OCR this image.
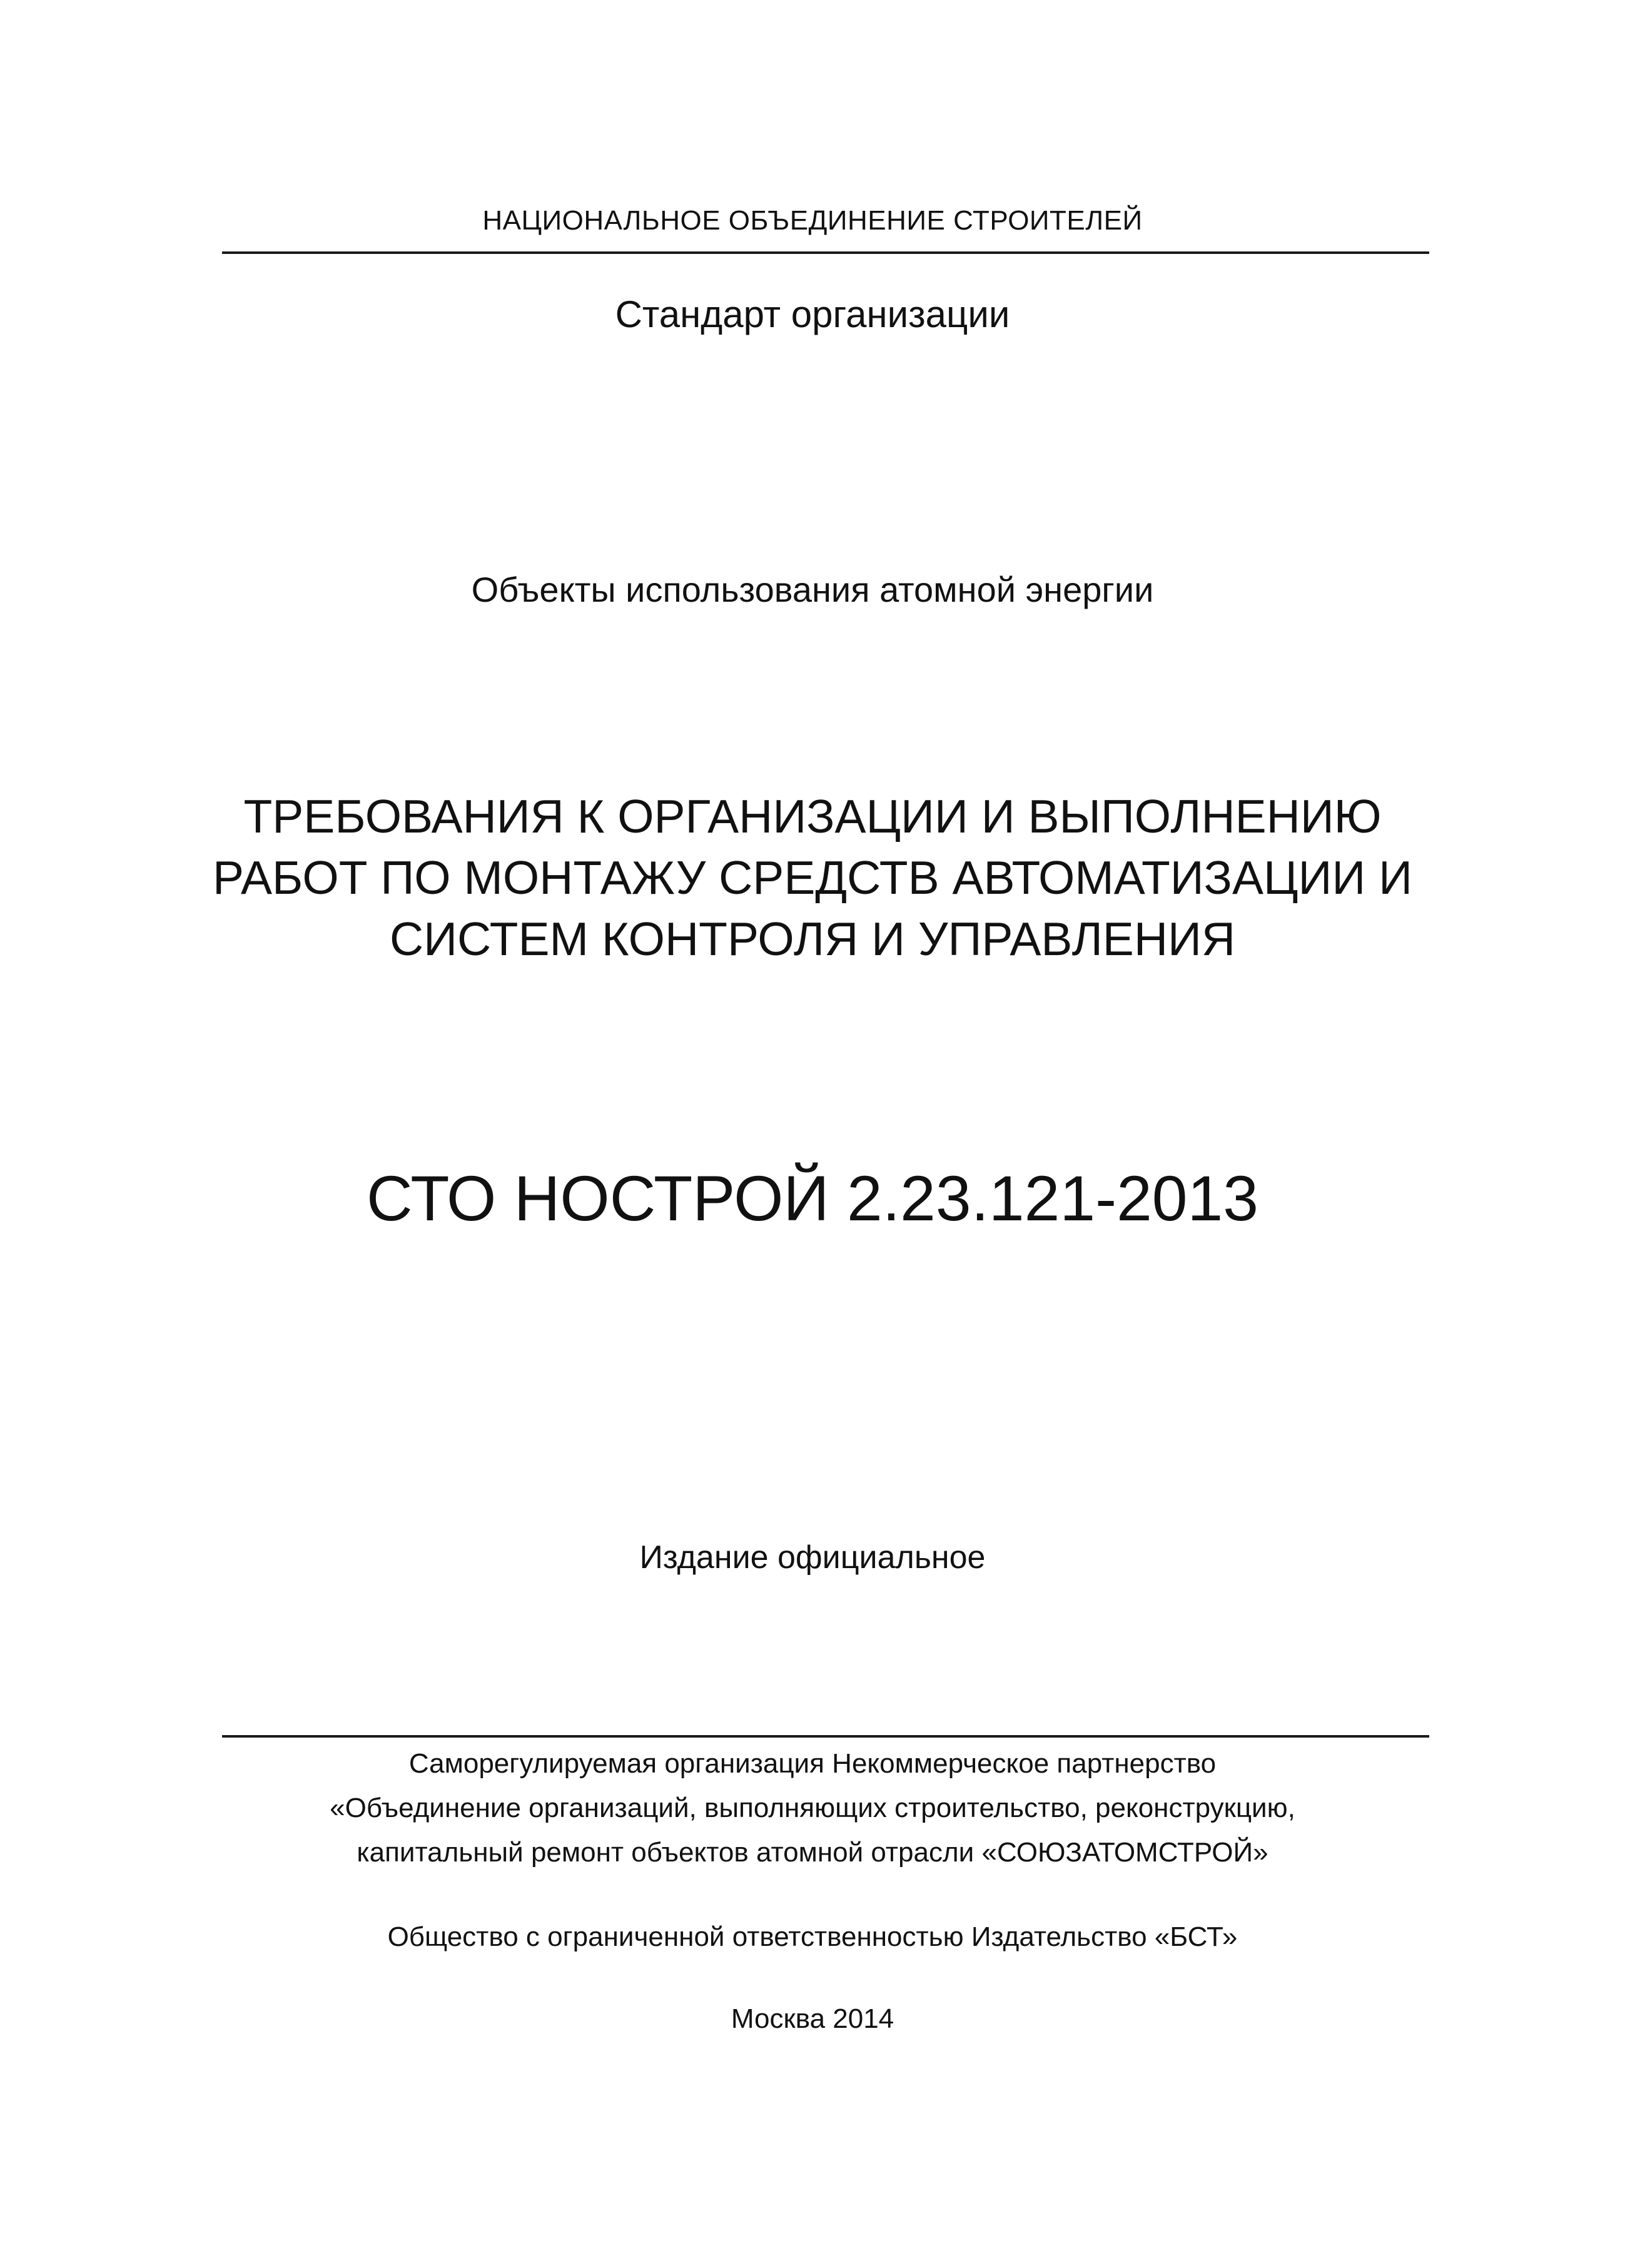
НАЦИОНАЛЬНОЕ ОБЪЕДИНЕНИЕ СТРОИТЕЛЕЙ
Стандарт организации
Объекты использования атомной энергии
ТРЕБОВАНИЯ К ОРГАНИЗАЦИИ И ВЫПОЛНЕНИЮ
РАБОТ ПО МОНТАЖУ СРЕДСТВ АВТОМАТИЗАЦИИ И
СИСТЕМ КОНТРОЛЯ И УПРАВЛЕНИЯ
СТО НОСТРОЙ 2.23.121-2013
Издание официальное
Саморегулируемая организация Некоммерческое партнерство
«Объединение организаций, выполняющих строительство, реконструкцию,
капитальный ремонт объектов атомной отрасли «СОЮЗАТОМСТРОЙ»
Общество с ограниченной ответственностью Издательство «БСТ»
Москва 2014
